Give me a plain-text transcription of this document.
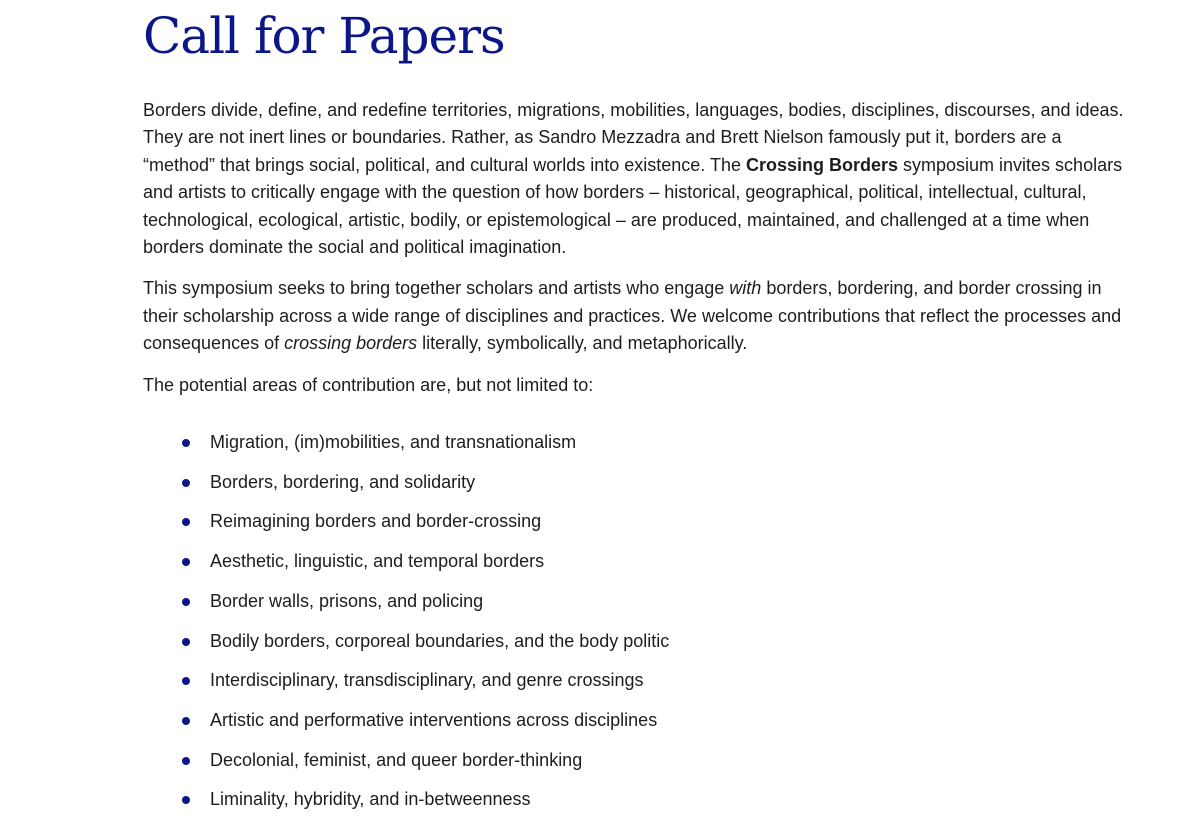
Call for Papers

Borders divide, define, and redefine territories, migrations, mobilities, languages, bodies, disciplines, discourses, and ideas. They are not inert lines or boundaries. Rather, as Sandro Mezzadra and Brett Nielson famously put it, borders are a “method” that brings social, political, and cultural worlds into existence. The Crossing Borders symposium invites scholars and artists to critically engage with the question of how borders – historical, geographical, political, intellectual, cultural, technological, ecological, artistic, bodily, or epistemological – are produced, maintained, and challenged at a time when borders dominate the social and political imagination.

This symposium seeks to bring together scholars and artists who engage with borders, bordering, and border crossing in their scholarship across a wide range of disciplines and practices. We welcome contributions that reflect the processes and consequences of crossing borders literally, symbolically, and metaphorically.

The potential areas of contribution are, but not limited to:

Migration, (im)mobilities, and transnationalism
Borders, bordering, and solidarity
Reimagining borders and border-crossing
Aesthetic, linguistic, and temporal borders
Border walls, prisons, and policing
Bodily borders, corporeal boundaries, and the body politic
Interdisciplinary, transdisciplinary, and genre crossings
Artistic and performative interventions across disciplines
Decolonial, feminist, and queer border-thinking
Liminality, hybridity, and in-betweenness
